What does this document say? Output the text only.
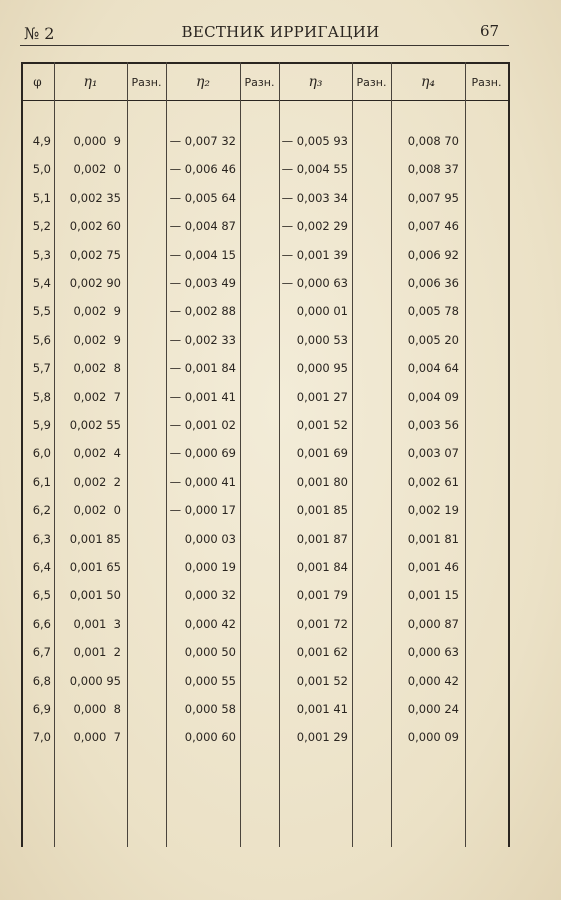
№ 2	ВЕСТНИК ИРРИГАЦИИ	67
φ	η₁	Разн.	η₂	Разн.	η₃	Разн.	η₄	Разн.
4,9 0,000  9	— 0,007 32	— 0,005 93	0,008 70
5,0 0,002  0	— 0,006 46	— 0,004 55	0,008 37
5,1 0,002 35	— 0,005 64	— 0,003 34	0,007 95
5,2 0,002 60	— 0,004 87	— 0,002 29	0,007 46
5,3 0,002 75	— 0,004 15	— 0,001 39	0,006 92
5,4 0,002 90	— 0,003 49	— 0,000 63	0,006 36
5,5 0,002  9	— 0,002 88	0,000 01	0,005 78
5,6 0,002  9	— 0,002 33	0,000 53	0,005 20
5,7 0,002  8	— 0,001 84	0,000 95	0,004 64
5,8 0,002  7	— 0,001 41	0,001 27	0,004 09
5,9 0,002 55	— 0,001 02	0,001 52	0,003 56
6,0 0,002  4	— 0,000 69	0,001 69	0,003 07
6,1 0,002  2	— 0,000 41	0,001 80	0,002 61
6,2 0,002  0	— 0,000 17	0,001 85	0,002 19
6,3 0,001 85	0,000 03	0,001 87	0,001 81
6,4 0,001 65	0,000 19	0,001 84	0,001 46
6,5 0,001 50	0,000 32	0,001 79	0,001 15
6,6 0,001  3	0,000 42	0,001 72	0,000 87
6,7 0,001  2	0,000 50	0,001 62	0,000 63
6,8 0,000 95	0,000 55	0,001 52	0,000 42
6,9 0,000  8	0,000 58	0,001 41	0,000 24
7,0 0,000  7	0,000 60	0,001 29	0,000 09
